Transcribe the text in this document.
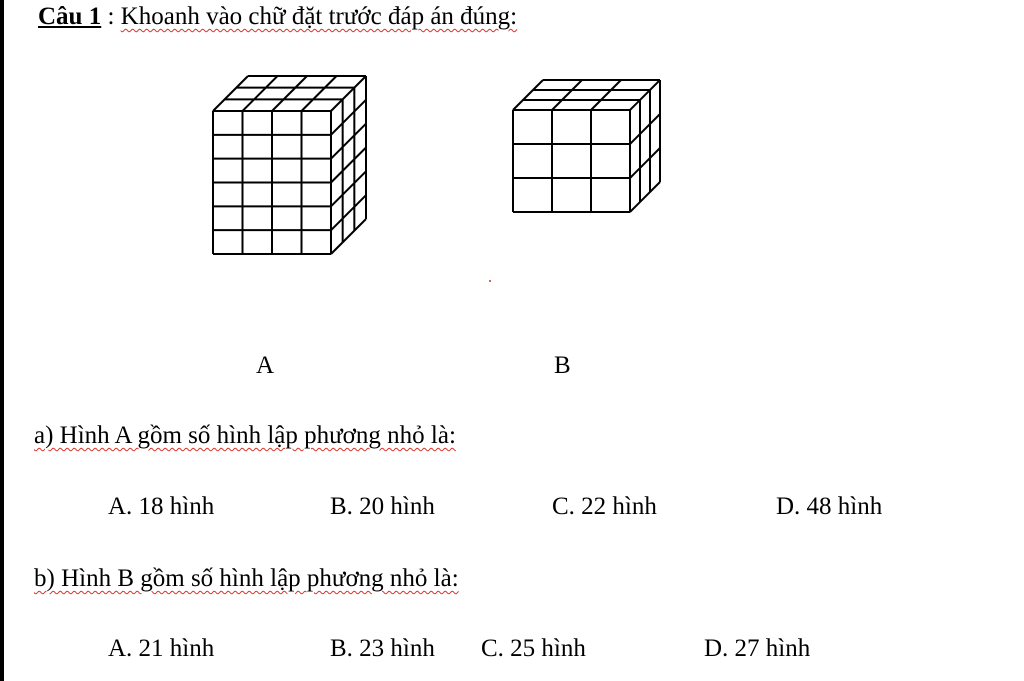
Câu 1 : Khoanh vào chữ đặt trước đáp án đúng:
A	B
a) Hình A gồm số hình lập phương nhỏ là:
A. 18 hình	B. 20 hình	C. 22 hình	D. 48 hình
b) Hình B gồm số hình lập phương nhỏ là:
A. 21 hình	B. 23 hình C. 25 hình	D. 27 hình
